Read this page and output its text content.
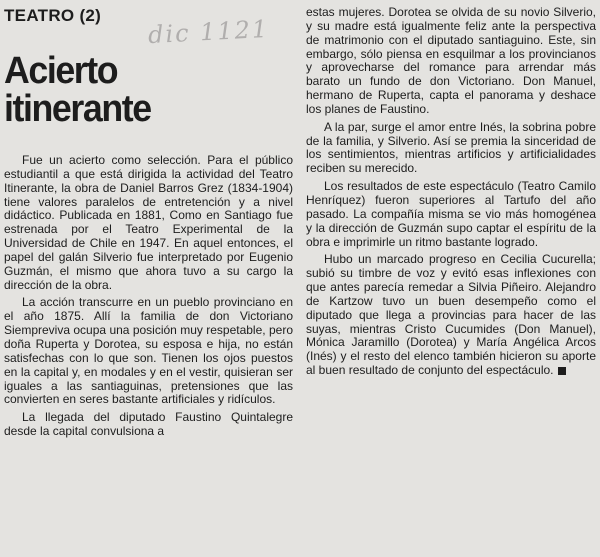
TEATRO (2) dic 1121
Acierto
itinerante

Fue un acierto como selección. Para el público estudiantil a que está dirigida la actividad del Teatro Itinerante, la obra de Daniel Barros Grez (1834-1904) tiene valores paralelos de entretención y a nivel didáctico. Publicada en 1881, Como en Santiago fue estrenada por el Teatro Experimental de la Universidad de Chile en 1947. En aquel entonces, el papel del galán Silverio fue interpretado por Eugenio Guzmán, el mismo que ahora tuvo a su cargo la dirección de la obra.

La acción transcurre en un pueblo provinciano en el año 1875. Allí la familia de don Victoriano Siempreviva ocupa una posición muy respetable, pero doña Ruperta y Dorotea, su esposa e hija, no están satisfechas con lo que son. Tienen los ojos puestos en la capital y, en modales y en el vestir, quisieran ser iguales a las santiaguinas, pretensiones que las convierten en seres bastante artificiales y ridículos.

La llegada del diputado Faustino Quintalegre desde la capital convulsiona a

estas mujeres. Dorotea se olvida de su novio Silverio, y su madre está igualmente feliz ante la perspectiva de matrimonio con el diputado santiaguino. Este, sin embargo, sólo piensa en esquilmar a los provincianos y aprovecharse del romance para arrendar más barato un fundo de don Victoriano. Don Manuel, hermano de Ruperta, capta el panorama y deshace los planes de Faustino.

A la par, surge el amor entre Inés, la sobrina pobre de la familia, y Silverio. Así se premia la sinceridad de los sentimientos, mientras artificios y artificialidades reciben su merecido.

Los resultados de este espectáculo (Teatro Camilo Henríquez) fueron superiores al Tartufo del año pasado. La compañía misma se vio más homogénea y la dirección de Guzmán supo captar el espíritu de la obra e imprimirle un ritmo bastante logrado.

Hubo un marcado progreso en Cecilia Cucurella; subió su timbre de voz y evitó esas inflexiones con que antes parecía remedar a Silvia Piñeiro. Alejandro de Kartzow tuvo un buen desempeño como el diputado que llega a provincias para hacer de las suyas, mientras Cristo Cucumides (Don Manuel), Mónica Jaramillo (Dorotea) y María Angélica Arcos (Inés) y el resto del elenco también hicieron su aporte al buen resultado de conjunto del espectáculo.
